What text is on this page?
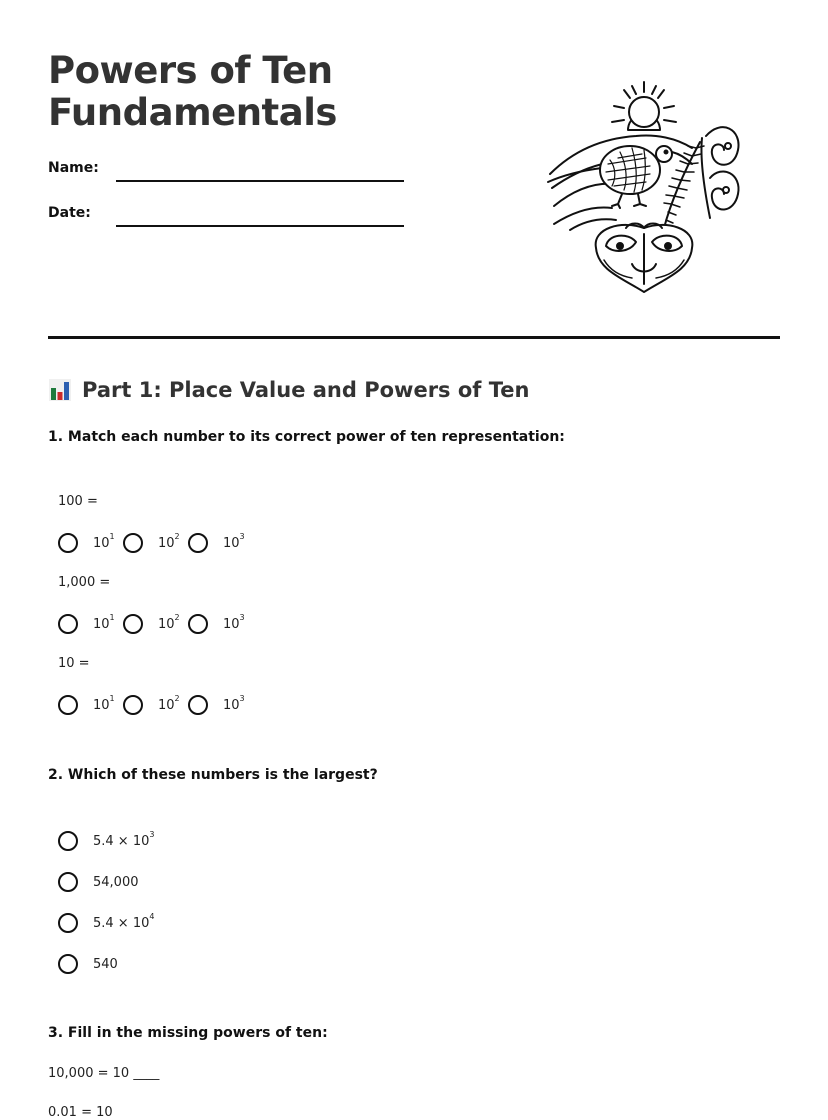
Powers of Ten
Fundamentals
Name:
Date:
Part 1: Place Value and Powers of Ten

1. Match each number to its correct power of ten representation:

100 =
$10^1$	$10^2$	$10^3$
1,000 =
$10^1$	$10^2$	$10^3$
10 =
$10^1$	$10^2$	$10^3$

2. Which of these numbers is the largest?

$5.4 \times 10^3$
54,000
$5.4 \times 10^4$
540

3. Fill in the missing powers of ten:

10,000 = 10 ____
0.01 = 10
